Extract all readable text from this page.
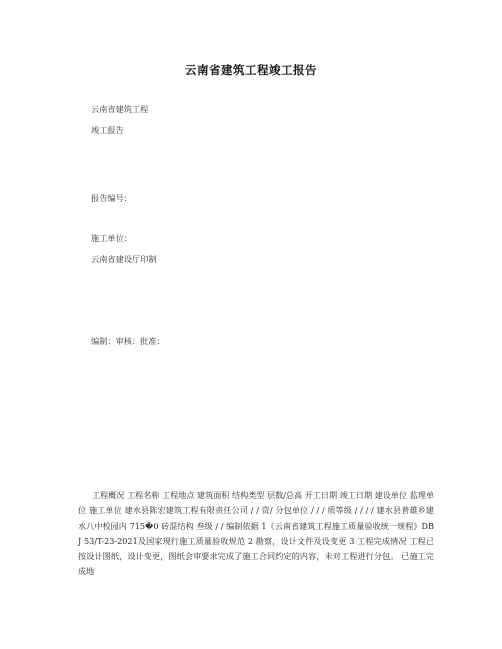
云南省建筑工程竣工报告
云南省建筑工程
竣工报告
报告编号：
施工单位：
云南省建设厅印制
编制：审核：批准：
工程概况 工程名称 工程地点 建筑面积 结构类型 层数/总高 开工日期 竣工日期 建设单位 监理单位 施工单位 建水县陈宏建筑工程有限责任公司 / / 资/ 分包单位 / / / 质等级 / / / / 建水县普雄乡建水八中校园内 715�0 砖混结构 叁级 / / 编制依据 1《云南省建筑工程施工质量验收统一规程》DBJ 53/T-23-2021及国家现行施工质量验收规范 2 勘察，设计文件及设变更 3 工程完成情况 工程已按设计图纸，设计变更，图纸会审要求完成了施工合同约定的内容，未对工程进行分包。 已施工完成地
